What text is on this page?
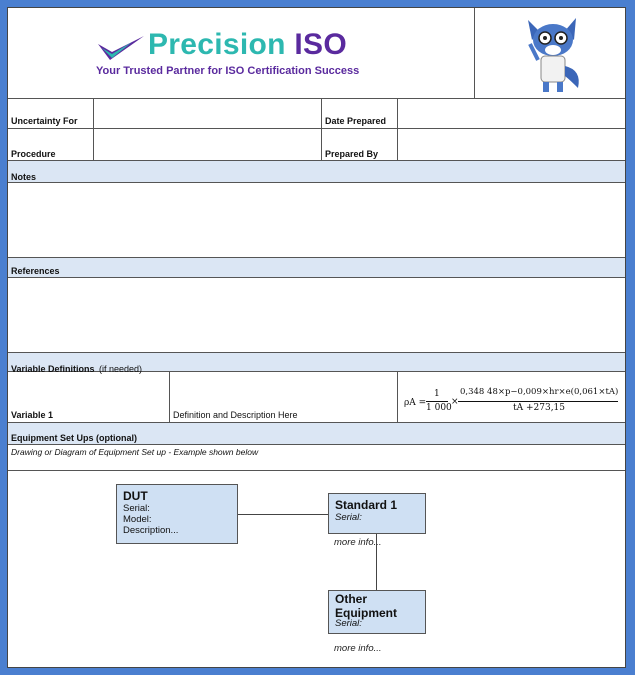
Precision ISO
Your Trusted Partner for ISO Certification Success
Uncertainty For	Date Prepared
Procedure	Prepared By
Notes
References
Variable Definitions (if needed)
Variable 1	Definition and Description Here
ρA =
1
1 000
×
0,348 48×p−0,009×hr×e(0,061×tA)
tA +273,15
Equipment Set Ups (optional)
Drawing or Diagram of Equipment Set up - Example shown below
DUT
Serial:
Model:
Description...
Standard 1
Serial:
more info...
Other
Equipment
Serial:
more info...
